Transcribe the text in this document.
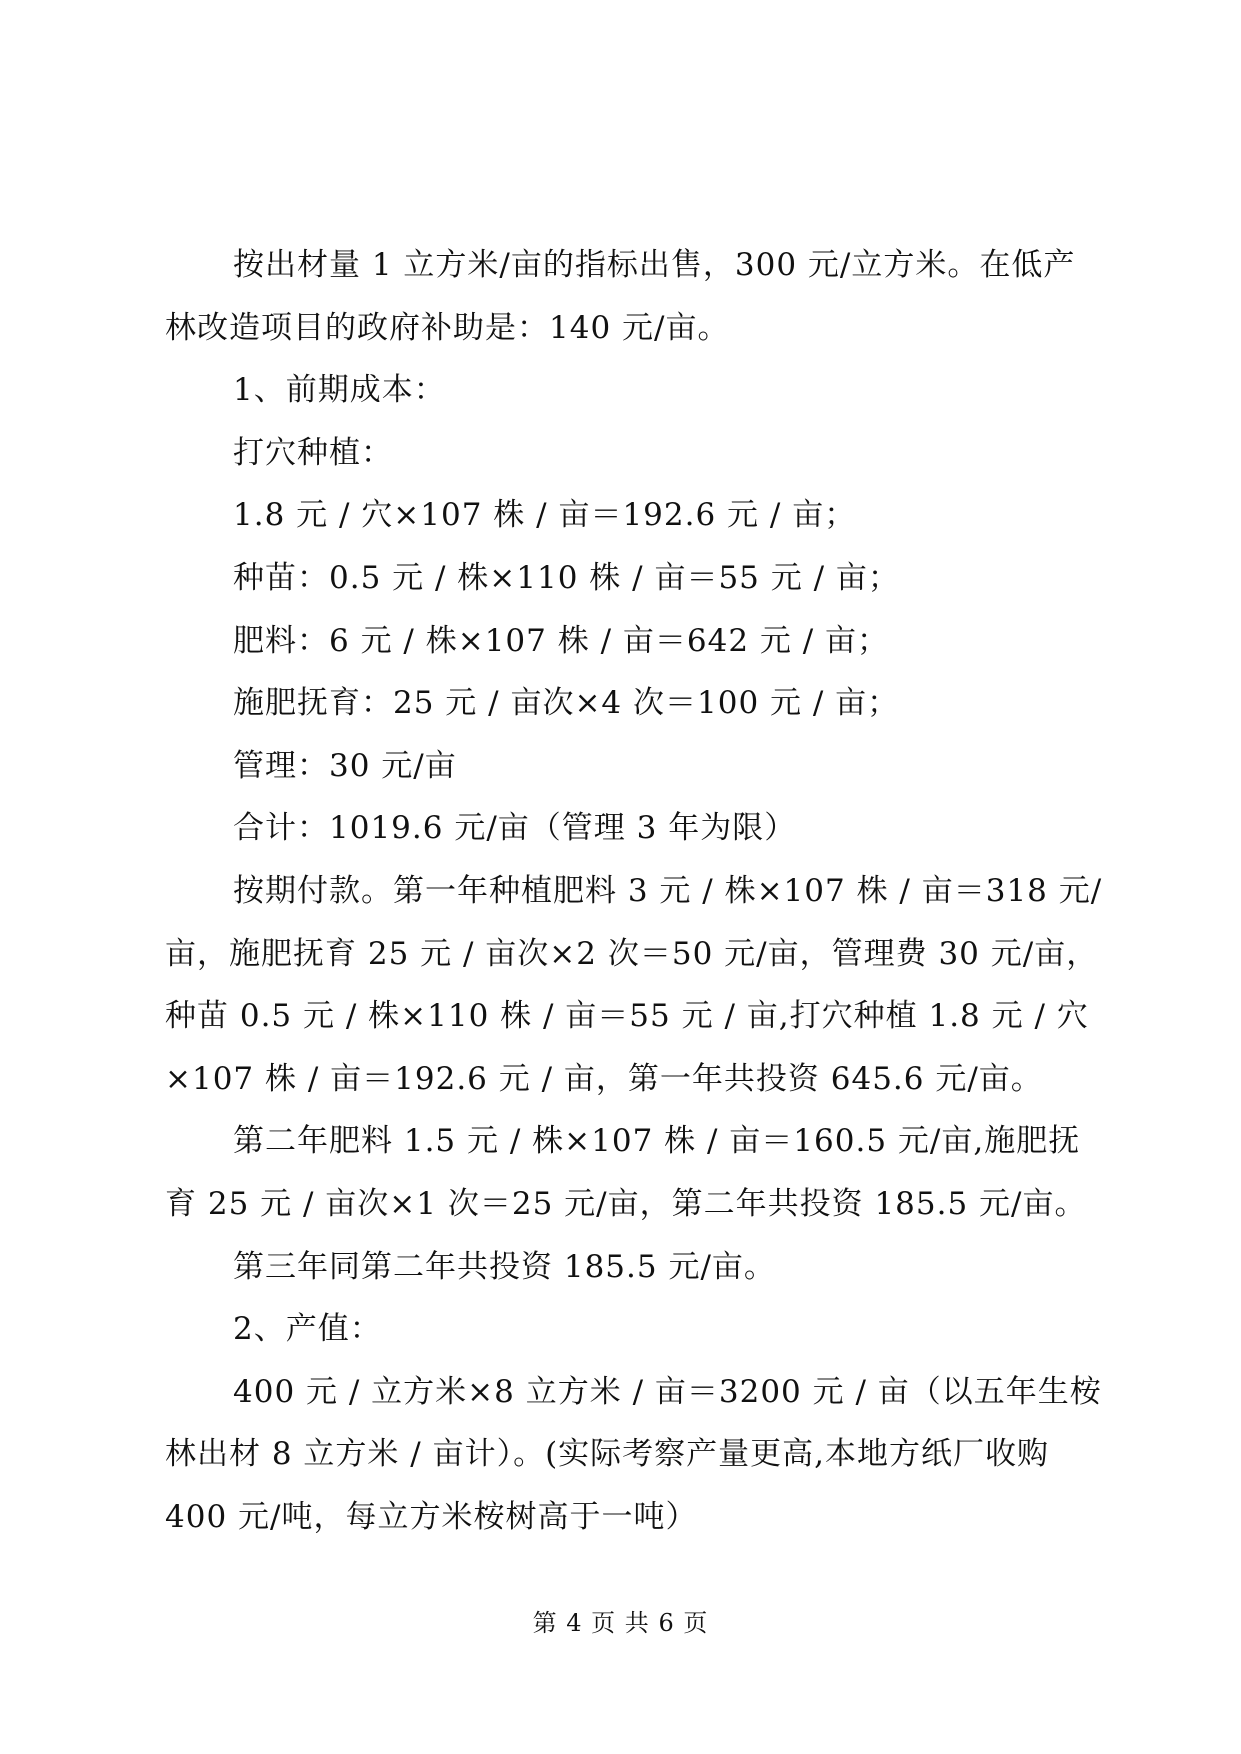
按出材量 1 立方米/亩的指标出售，300 元/立方米。在低产
林改造项目的政府补助是：140 元/亩。
1、前期成本：
打穴种植：
1.8 元 / 穴×107 株 / 亩＝192.6 元 / 亩；
种苗：0.5 元 / 株×110 株 / 亩＝55 元 / 亩；
肥料：6 元 / 株×107 株 / 亩＝642 元 / 亩；
施肥抚育：25 元 / 亩次×4 次＝100 元 / 亩；
管理：30 元/亩
合计：1019.6 元/亩（管理 3 年为限）
按期付款。第一年种植肥料 3 元 / 株×107 株 / 亩＝318 元/
亩，施肥抚育 25 元 / 亩次×2 次＝50 元/亩，管理费 30 元/亩，
种苗 0.5 元 / 株×110 株 / 亩＝55 元 / 亩,打穴种植 1.8 元 / 穴
×107 株 / 亩＝192.6 元 / 亩，第一年共投资 645.6 元/亩。
第二年肥料 1.5 元 / 株×107 株 / 亩＝160.5 元/亩,施肥抚
育 25 元 / 亩次×1 次＝25 元/亩，第二年共投资 185.5 元/亩。
第三年同第二年共投资 185.5 元/亩。
2、产值：
400 元 / 立方米×8 立方米 / 亩＝3200 元 / 亩（以五年生桉
林出材 8 立方米 / 亩计）。(实际考察产量更高,本地方纸厂收购
400 元/吨，每立方米桉树高于一吨）
第 4 页 共 6 页
